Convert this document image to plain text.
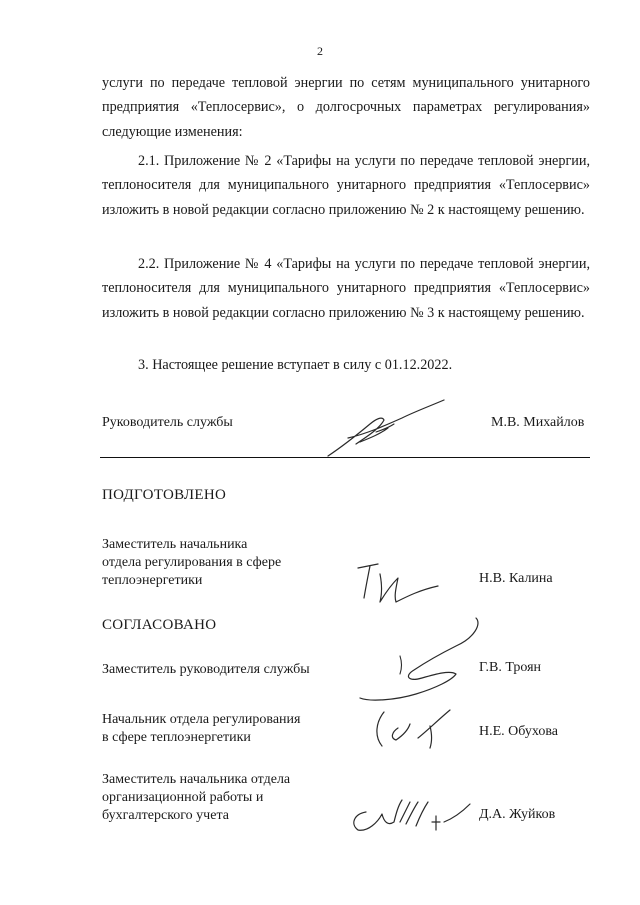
2

услуги по передаче тепловой энергии по сетям муниципального унитарного предприятия «Теплосервис», о долгосрочных параметрах регулирования» следующие изменения:

2.1. Приложение № 2 «Тарифы на услуги по передаче тепловой энергии, теплоносителя для муниципального унитарного предприятия «Теплосервис» изложить в новой редакции согласно приложению № 2 к настоящему решению.

2.2. Приложение № 4 «Тарифы на услуги по передаче тепловой энергии, теплоносителя для муниципального унитарного предприятия «Теплосервис» изложить в новой редакции согласно приложению № 3 к настоящему решению.

3. Настоящее решение вступает в силу с 01.12.2022.

Руководитель службы	М.В. Михайлов
ПОДГОТОВЛЕНО
Заместитель начальника
отдела регулирования в сфере
теплоэнергетики	Н.В. Калина
СОГЛАСОВАНО
Заместитель руководителя службы	Г.В. Троян
Начальник отдела регулирования
в сфере теплоэнергетики	Н.Е. Обухова
Заместитель начальника отдела
организационной работы и
бухгалтерского учета	Д.А. Жуйков
